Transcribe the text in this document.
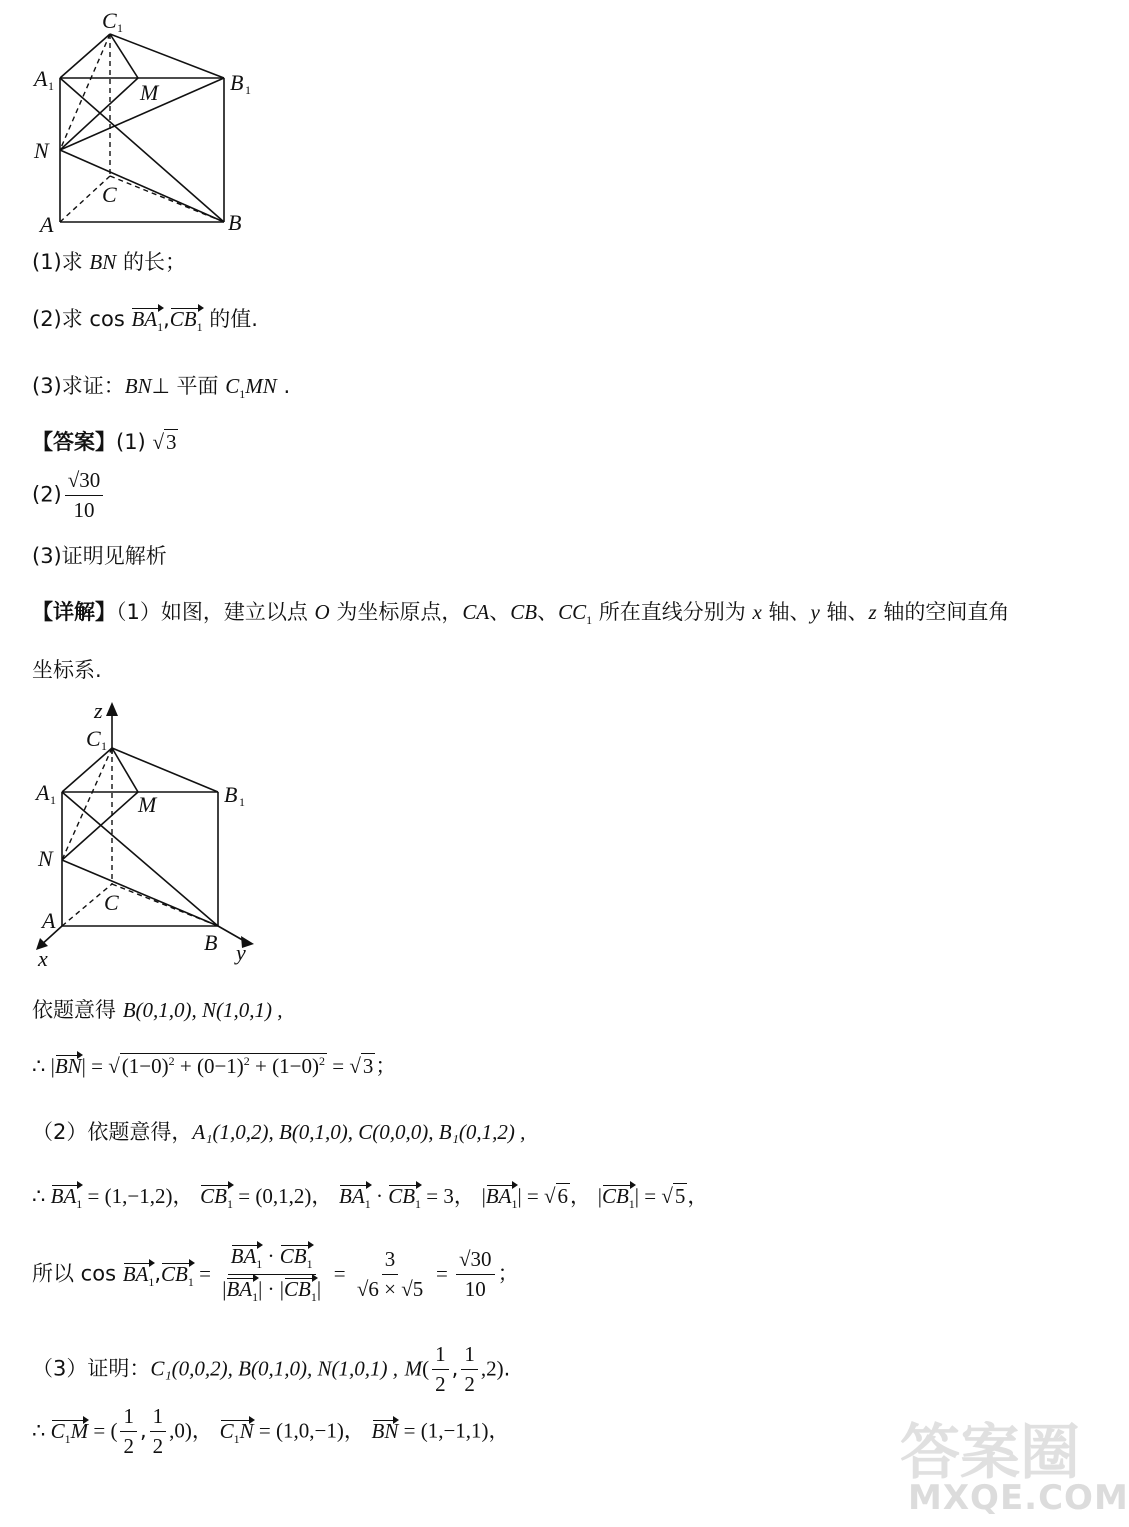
C 1
A 1	B 1
M
N
C
A	B
(1)求 BN 的长；
(2)求 $\cos BA_1,CB_1$ 的值.
(3)求证：BN⊥ 平面 $C_1MN$ .
【答案】(1) √3
$(2) \frac{√30}{10}$
(3)证明见解析
【详解】（1）如图，建立以点 O 为坐标原点，CA、CB、$CC_1$ 所在直线分别为 x 轴、y 轴、z 轴的空间直角
坐标系.
z
x	y
C 1
A 1	B 1
M
N
C
A
B
依题意得 B(0,1,0), N(1,0,1) ,
∴ $|BN| = √(1-0)^2 + (0-1)^2 + (1-0)^2 = √3$；
（2）依题意得，A₁(1,0,2), B(0,1,0), C(0,0,0), B₁(0,1,2) ,
∴ $BA_1 = (1,-1,2)$， $CB_1 = (0,1,2)$， $BA_1 \cdot CB_1 = 3$， $|BA_1| = √6$， $|CB_1| = √5$，
所以 $\cos BA_1,CB_1 = \frac{BA_1 \cdot CB_1}{|BA_1| \cdot |CB_1|} = \frac{3}{√6 \times √5} = \frac{√30}{10}$ ；
（3）证明：C₁(0,0,2), B(0,1,0), N(1,0,1) , $M( \frac{1}{2}$ , $\frac{1}{2} ,2$).
∴ $C_1M$ = ( $\frac{1}{2}$ , $\frac{1}{2} ,0$)， $C_1N = (1,0,-1)$， BN = (1,−1,1)，	答案圈
MXQE.COM
